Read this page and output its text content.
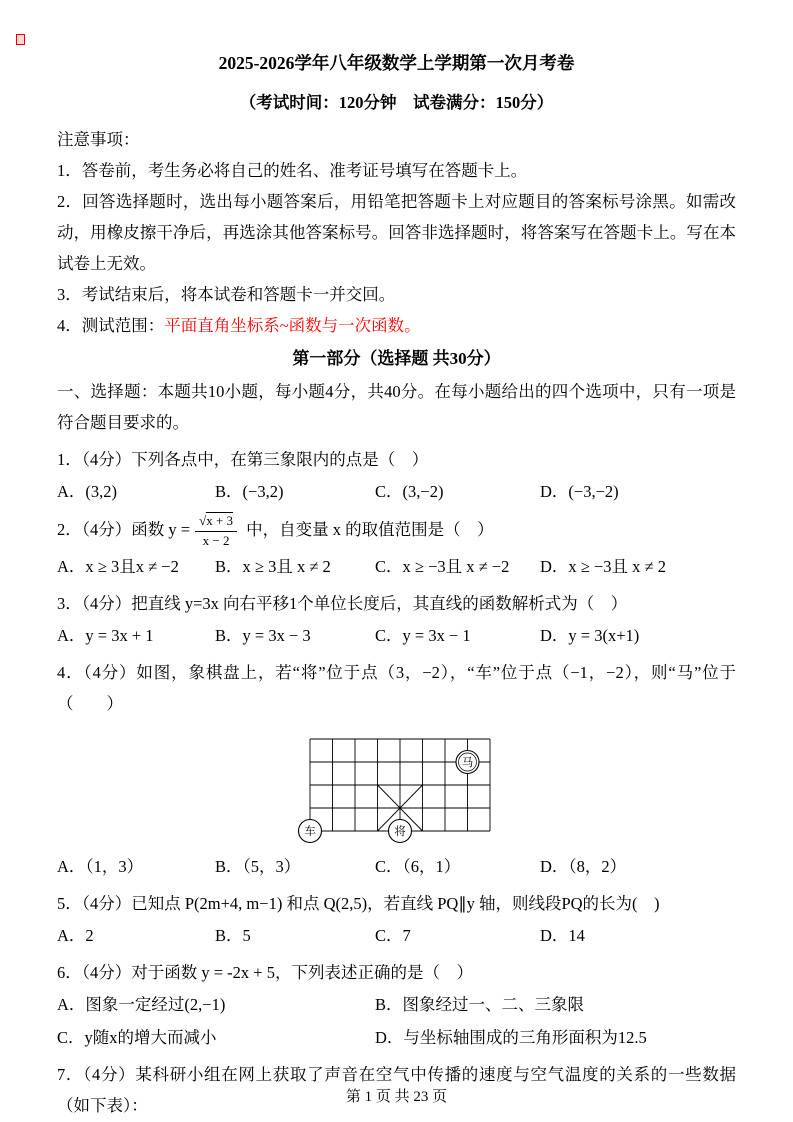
2025-2026学年八年级数学上学期第一次月考卷
（考试时间：120分钟　试卷满分：150分）
注意事项：

1．答卷前，考生务必将自己的姓名、准考证号填写在答题卡上。

2．回答选择题时，选出每小题答案后，用铅笔把答题卡上对应题目的答案标号涂黑。如需改动，用橡皮擦干净后，再选涂其他答案标号。回答非选择题时，将答案写在答题卡上。写在本试卷上无效。

3．考试结束后，将本试卷和答题卡一并交回。

4．测试范围：平面直角坐标系~函数与一次函数。

第一部分（选择题 共30分）

一、选择题：本题共10小题，每小题4分，共40分。在每小题给出的四个选项中，只有一项是符合题目要求的。

1．（4分）下列各点中，在第三象限内的点是（　）

A．(3,2)	B．(−3,2)	C．(3,−2)	D．(−3,−2)

2．（4分）函数 $y = \frac{√x + 3}{x - 2}$ 中，自变量 x 的取值范围是（　）

A．x ≥ 3且x ≠ −2	B．x ≥ 3且 x ≠ 2	C．x ≥ −3且 x ≠ −2	D．x ≥ −3且 x ≠ 2

3．（4分）把直线 y=3x 向右平移1个单位长度后，其直线的函数解析式为（　）

A．y = 3x + 1	B．y = 3x − 3	C．y = 3x − 1	D．y = 3(x+1)

4．（4分）如图，象棋盘上，若“将”位于点（3，−2），“车”位于点（−1，−2），则“马”位于（　　）

马
车	将
A．（1，3）	B．（5，3）	C．（6，1）	D．（8，2）

5．（4分）已知点 P(2m+4, m−1) 和点 Q(2,5)，若直线 PQ∥y 轴，则线段PQ的长为(　)

A．2	B．5	C．7	D．14

6．（4分）对于函数 y = -2x + 5，下列表述正确的是（　）

A．图象一定经过(2,−1)	B．图象经过一、二、三象限
C．y随x的增大而减小	D．与坐标轴围成的三角形面积为12.5

7．（4分）某科研小组在网上获取了声音在空气中传播的速度与空气温度的关系的一些数据（如下表）：	第 1 页 共 23 页
